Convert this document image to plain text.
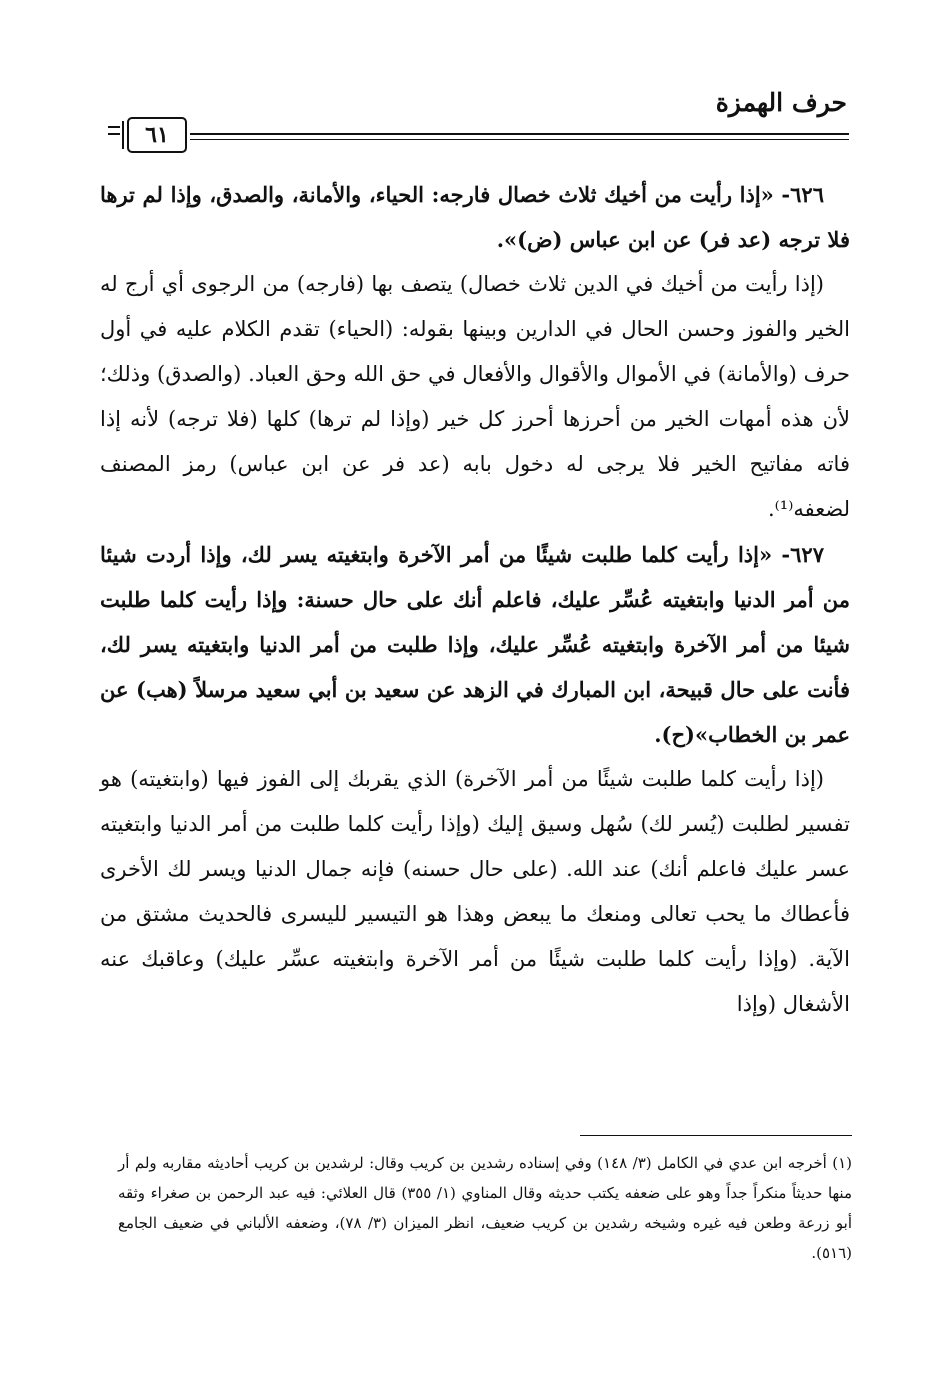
حرف الهمزة
٦١

٦٢٦- «إذا رأيت من أخيك ثلاث خصال فارجه: الحياء، والأمانة، والصدق، وإذا لم ترها فلا ترجه (عد فر) عن ابن عباس (ض)».

(إذا رأيت من أخيك في الدين ثلاث خصال) يتصف بها (فارجه) من الرجوى أي أرج له الخير والفوز وحسن الحال في الدارين وبينها بقوله: (الحياء) تقدم الكلام عليه في أول حرف (والأمانة) في الأموال والأقوال والأفعال في حق الله وحق العباد. (والصدق) وذلك؛ لأن هذه أمهات الخير من أحرزها أحرز كل خير (وإذا لم ترها) كلها (فلا ترجه) لأنه إذا فاته مفاتيح الخير فلا يرجى له دخول بابه (عد فر عن ابن عباس) رمز المصنف لضعفه⁽¹⁾.

٦٢٧- «إذا رأيت كلما طلبت شيئًا من أمر الآخرة وابتغيته يسر لك، وإذا أردت شيئا من أمر الدنيا وابتغيته عُسِّر عليك، فاعلم أنك على حال حسنة: وإذا رأيت كلما طلبت شيئا من أمر الآخرة وابتغيته عُسِّر عليك، وإذا طلبت من أمر الدنيا وابتغيته يسر لك، فأنت على حال قبيحة، ابن المبارك في الزهد عن سعيد بن أبي سعيد مرسلاً (هب) عن عمر بن الخطاب»(ح).

(إذا رأيت كلما طلبت شيئًا من أمر الآخرة) الذي يقربك إلى الفوز فيها (وابتغيته) هو تفسير لطلبت (يُسر لك) سُهل وسيق إليك (وإذا رأيت كلما طلبت من أمر الدنيا وابتغيته عسر عليك فاعلم أنك) عند الله. (على حال حسنه) فإنه جمال الدنيا ويسر لك الأخرى فأعطاك ما يحب تعالى ومنعك ما يبعض وهذا هو التيسير لليسرى فالحديث مشتق من الآية. (وإذا رأيت كلما طلبت شيئًا من أمر الآخرة وابتغيته عسِّر عليك) وعاقبك عنه الأشغال (وإذا

(١) أخرجه ابن عدي في الكامل (٣/ ١٤٨) وفي إسناده رشدين بن كريب وقال: لرشدين بن كريب أحاديثه مقاربه ولم أر منها حديثاً منكراً جداً وهو على ضعفه يكتب حديثه وقال المناوي (١/ ٣٥٥) قال العلائي: فيه عبد الرحمن بن صغراء وثقه أبو زرعة وطعن فيه غيره وشيخه رشدين بن كريب ضعيف، انظر الميزان (٣/ ٧٨)، وضعفه الألباني في ضعيف الجامع (٥١٦).
